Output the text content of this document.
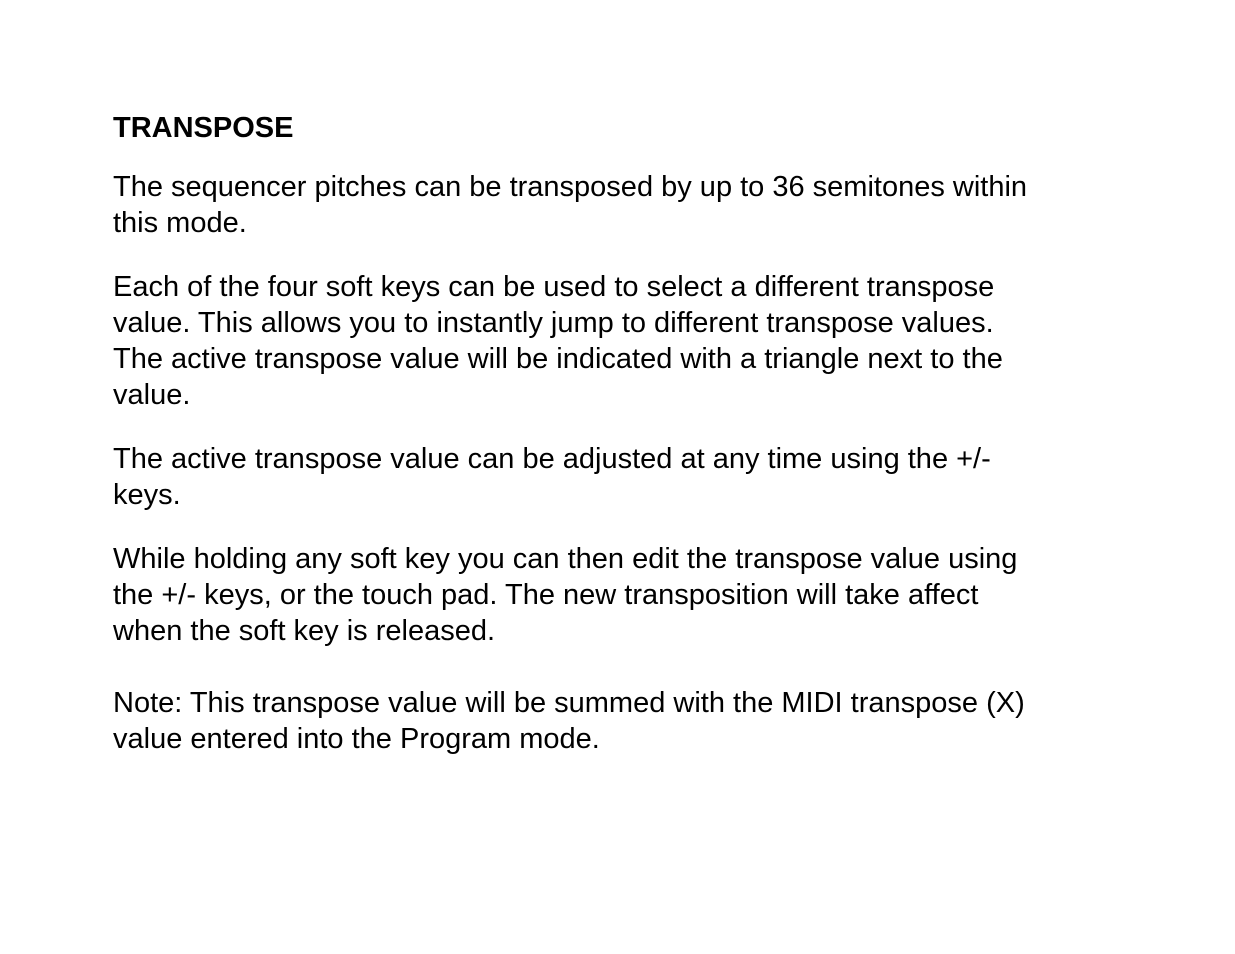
TRANSPOSE

The sequencer pitches can be transposed by up to 36 semitones within
this mode.

Each of the four soft keys can be used to select a different transpose
value. This allows you to instantly jump to different transpose values.
The active transpose value will be indicated with a triangle next to the
value.

The active transpose value can be adjusted at any time using the +/-
keys.

While holding any soft key you can then edit the transpose value using
the +/- keys, or the touch pad. The new transposition will take affect
when the soft key is released.

Note: This transpose value will be summed with the MIDI transpose (X)
value entered into the Program mode.
